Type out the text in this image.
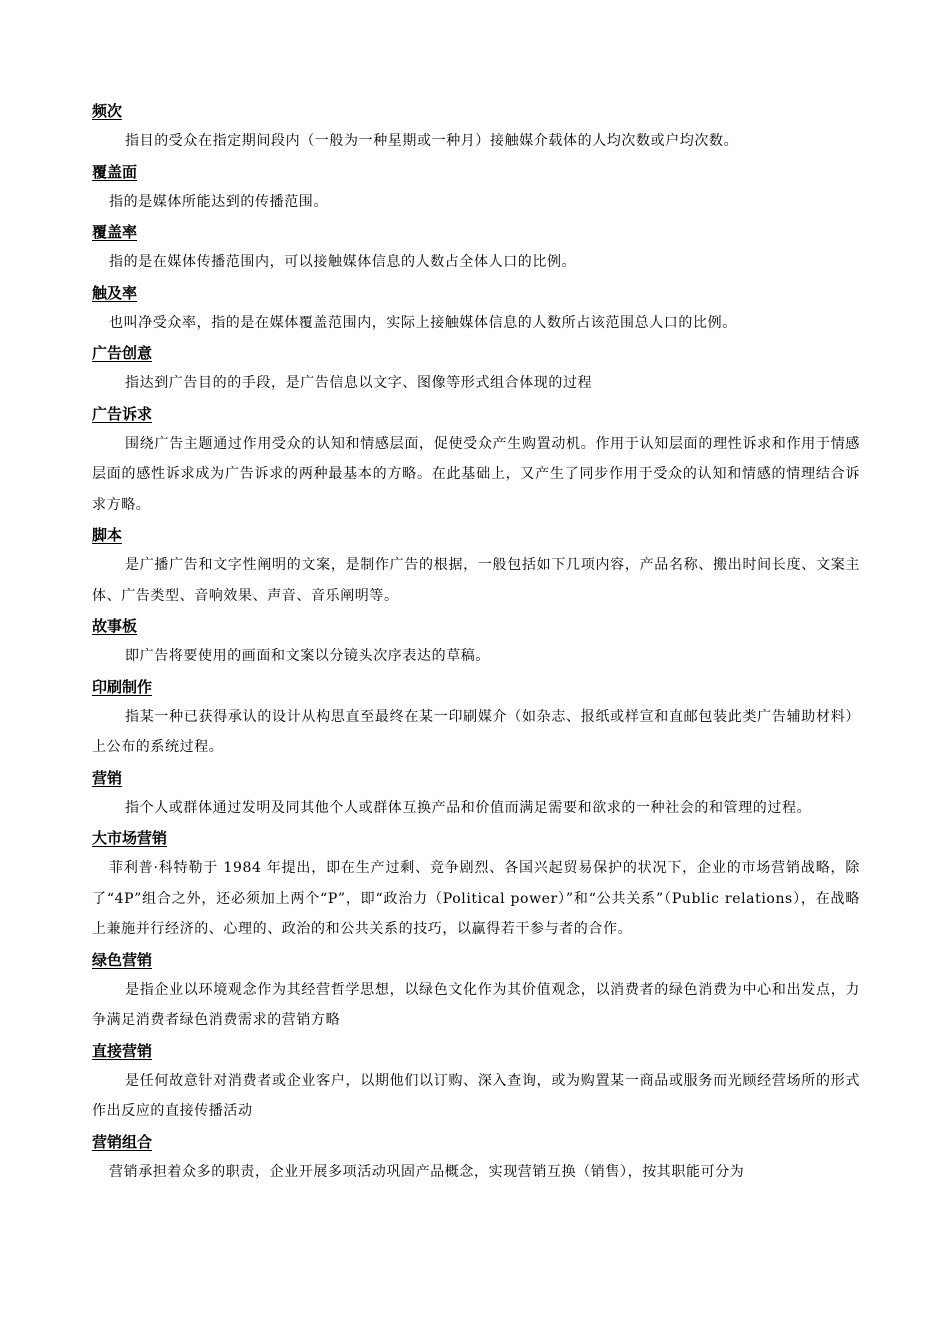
频次

指目的受众在指定期间段内（一般为一种星期或一种月）接触媒介载体的人均次数或户均次数。

覆盖面

指的是媒体所能达到的传播范围。

覆盖率

指的是在媒体传播范围内，可以接触媒体信息的人数占全体人口的比例。

触及率

也叫净受众率，指的是在媒体覆盖范围内，实际上接触媒体信息的人数所占该范围总人口的比例。

广告创意

指达到广告目的的手段，是广告信息以文字、图像等形式组合体现的过程

广告诉求

围绕广告主题通过作用受众的认知和情感层面，促使受众产生购置动机。作用于认知层面的理性诉求和作用于情感层面的感性诉求成为广告诉求的两种最基本的方略。在此基础上，又产生了同步作用于受众的认知和情感的情理结合诉求方略。

脚本

是广播广告和文字性阐明的文案，是制作广告的根据，一般包括如下几项内容，产品名称、搬出时间长度、文案主体、广告类型、音响效果、声音、音乐阐明等。

故事板

即广告将要使用的画面和文案以分镜头次序表达的草稿。

印刷制作

指某一种已获得承认的设计从构思直至最终在某一印刷媒介（如杂志、报纸或样宣和直邮包装此类广告辅助材料）上公布的系统过程。

营销

指个人或群体通过发明及同其他个人或群体互换产品和价值而满足需要和欲求的一种社会的和管理的过程。

大市场营销

菲利普·科特勒于 1984 年提出，即在生产过剩、竞争剧烈、各国兴起贸易保护的状况下，企业的市场营销战略，除了“4P”组合之外，还必须加上两个“P”，即“政治力（Political power）”和“公共关系”（Public relations），在战略上兼施并行经济的、心理的、政治的和公共关系的技巧，以赢得若干参与者的合作。

绿色营销

是指企业以环境观念作为其经营哲学思想，以绿色文化作为其价值观念，以消费者的绿色消费为中心和出发点，力争满足消费者绿色消费需求的营销方略

直接营销

是任何故意针对消费者或企业客户，以期他们以订购、深入查询，或为购置某一商品或服务而光顾经营场所的形式作出反应的直接传播活动

营销组合

营销承担着众多的职责，企业开展多项活动巩固产品概念，实现营销互换（销售），按其职能可分为
